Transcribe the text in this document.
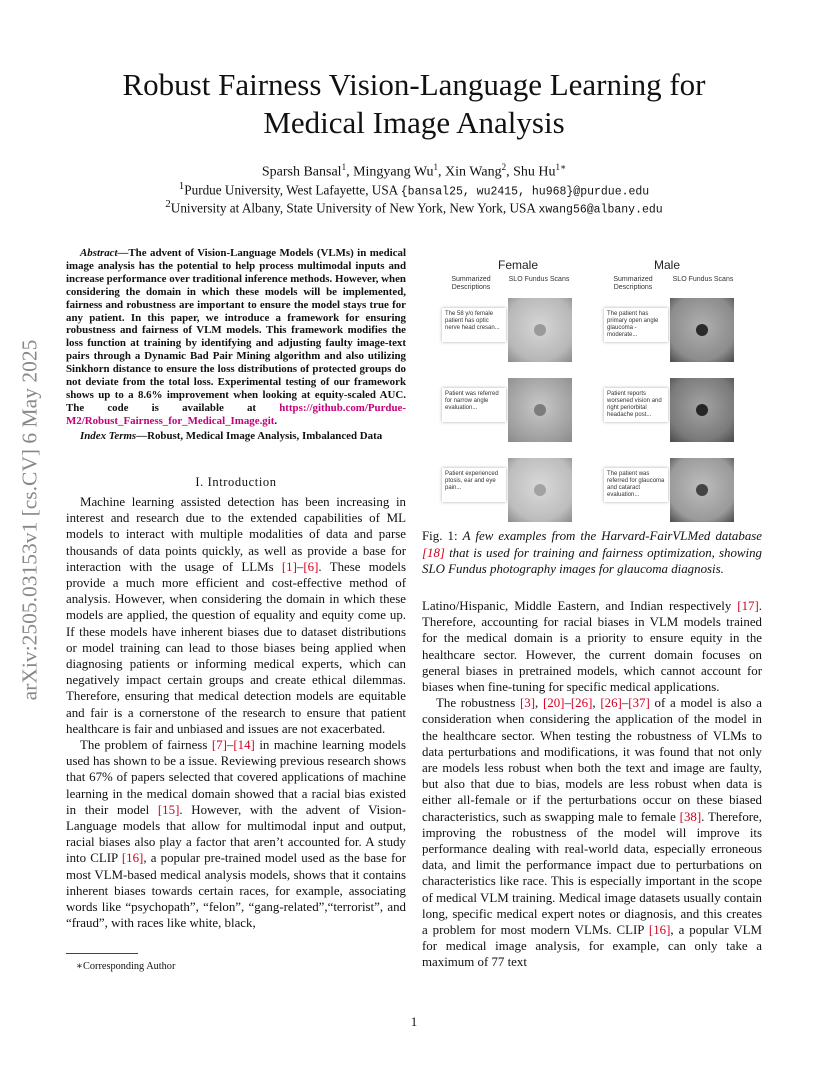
arXiv:2505.03153v1 [cs.CV] 6 May 2025
Robust Fairness Vision-Language Learning for
Medical Image Analysis
Sparsh Bansal$^1$, Mingyang Wu$^1$, Xin Wang$^2$, Shu $Hu^{1∗}$
$^1$Purdue University, West Lafayette, USA {bansal25, wu2415, hu968}@purdue.edu
$^2$University at Albany, State University of New York, New York, USA xwang56@albany.edu
Abstract—The advent of Vision-Language Models (VLMs) in medical image analysis has the potential to help process multimodal inputs and increase performance over traditional inference methods. However, when considering the domain in which these models will be implemented, fairness and robustness are important to ensure the model stays true for any patient. In this paper, we introduce a framework for ensuring robustness and fairness of VLM models. This framework modifies the loss function at training by identifying and adjusting faulty image-text pairs through a Dynamic Bad Pair Mining algorithm and also utilizing Sinkhorn distance to ensure the loss distributions of protected groups do not deviate from the total loss. Experimental testing of our framework shows up to a 8.6% improvement when looking at equity-scaled AUC. The code is available at https://github.com/Purdue-M2/Robust_Fairness_for_Medical_Image.git.
Index Terms—Robust, Medical Image Analysis, Imbalanced Data
I. Introduction

Machine learning assisted detection has been increasing in interest and research due to the extended capabilities of ML models to interact with multiple modalities of data and parse thousands of data points quickly, as well as provide a base for interaction with the usage of LLMs [1]–[6]. These models provide a much more efficient and cost-effective method of analysis. However, when considering the domain in which these models are applied, the question of equality and equity come up. If these models have inherent biases due to dataset distributions or model training can lead to those biases being applied when diagnosing patients or informing medical experts, which can negatively impact certain groups and create ethical dilemmas. Therefore, ensuring that medical detection models are equitable and fair is a cornerstone of the research to ensure that patient healthcare is fair and unbiased and issues are not exacerbated.

The problem of fairness [7]–[14] in machine learning models used has shown to be a issue. Reviewing previous research shows that 67% of papers selected that covered applications of machine learning in the medical domain showed that a racial bias existed in their model [15]. However, with the advent of Vision-Language models that allow for multimodal input and output, racial biases also play a factor that aren’t accounted for. A study into CLIP [16], a popular pre-trained model used as the base for most VLM-based medical analysis models, shows that it contains inherent biases towards certain races, for example, associating words like “psychopath”, “felon”, “gang-related”,“terrorist”, and “fraud”, with races like white, black,

∗Corresponding Author
Female	Male
Summarized Descriptions
SLO Fundus Scans	Summarized Descriptions
SLO Fundus Scans
The 58 y/o female patient has optic nerve head cresan...
The patient has primary open angle glaucoma - moderate...
Patient was referred for narrow angle evaluation...
Patient reports worsened vision and right periorbital headache post...
Patient experienced ptosis, ear and eye pain...
The patient was referred for glaucoma and cataract evaluation...
Fig. 1: A few examples from the Harvard-FairVLMed database [18] that is used for training and fairness optimization, showing SLO Fundus photography images for glaucoma diagnosis.

Latino/Hispanic, Middle Eastern, and Indian respectively [17]. Therefore, accounting for racial biases in VLM models trained for the medical domain is a priority to ensure equity in the healthcare sector. However, the current domain focuses on general biases in pretrained models, which cannot account for biases when fine-tuning for specific medical applications.

The robustness [3], [20]–[26], [26]–[37] of a model is also a consideration when considering the application of the model in the healthcare sector. When testing the robustness of VLMs to data perturbations and modifications, it was found that not only are models less robust when both the text and image are faulty, but also that due to bias, models are less robust when data is either all-female or if the perturbations occur on these biased characteristics, such as swapping male to female [38]. Therefore, improving the robustness of the model will improve its performance dealing with real-world data, especially erroneous data, and limit the performance impact due to perturbations on characteristics like race. This is especially important in the scope of medical VLM training. Medical image datasets usually contain long, specific medical expert notes or diagnosis, and this creates a problem for most modern VLMs. CLIP [16], a popular VLM for medical image analysis, for example, can only take a maximum of 77 text

1
